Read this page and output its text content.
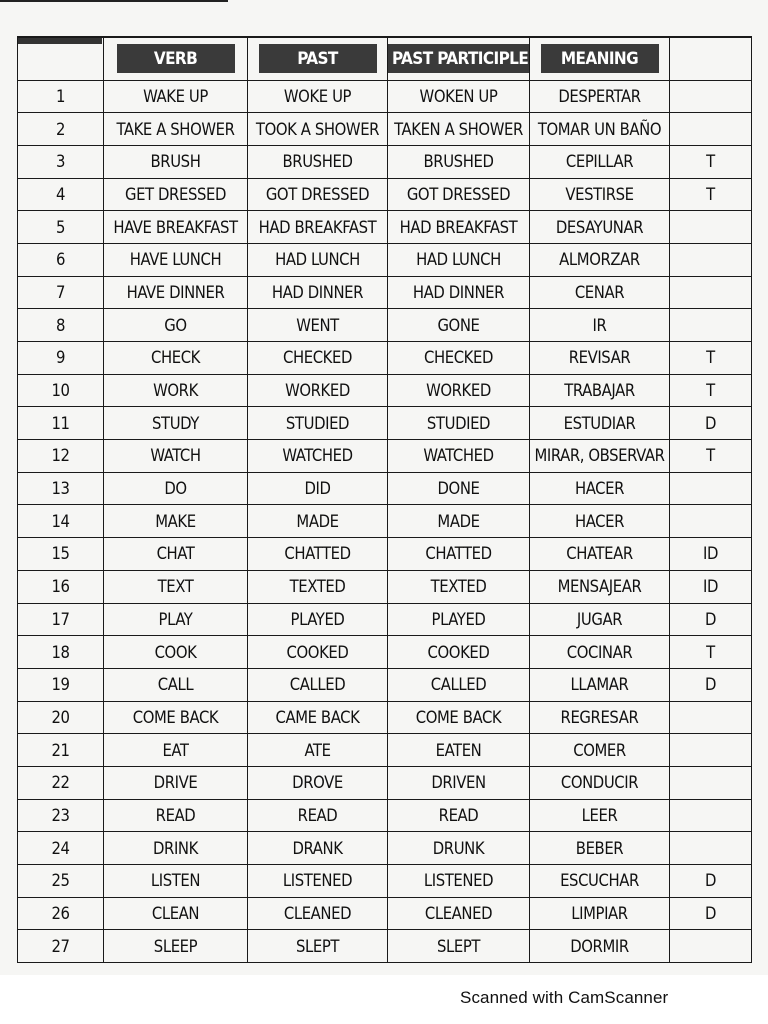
	VERB	PAST	PAST PARTICIPLE	MEANING	
1	WAKE UP	WOKE UP	WOKEN UP	DESPERTAR	
2	TAKE A SHOWER	TOOK A SHOWER	TAKEN A SHOWER	TOMAR UN BAÑO	
3	BRUSH	BRUSHED	BRUSHED	CEPILLAR	T
4	GET DRESSED	GOT DRESSED	GOT DRESSED	VESTIRSE	T
5	HAVE BREAKFAST	HAD BREAKFAST	HAD BREAKFAST	DESAYUNAR	
6	HAVE LUNCH	HAD LUNCH	HAD LUNCH	ALMORZAR	
7	HAVE DINNER	HAD DINNER	HAD DINNER	CENAR	
8	GO	WENT	GONE	IR	
9	CHECK	CHECKED	CHECKED	REVISAR	T
10	WORK	WORKED	WORKED	TRABAJAR	T
11	STUDY	STUDIED	STUDIED	ESTUDIAR	D
12	WATCH	WATCHED	WATCHED	MIRAR, OBSERVAR	T
13	DO	DID	DONE	HACER	
14	MAKE	MADE	MADE	HACER	
15	CHAT	CHATTED	CHATTED	CHATEAR	ID
16	TEXT	TEXTED	TEXTED	MENSAJEAR	ID
17	PLAY	PLAYED	PLAYED	JUGAR	D
18	COOK	COOKED	COOKED	COCINAR	T
19	CALL	CALLED	CALLED	LLAMAR	D
20	COME BACK	CAME BACK	COME BACK	REGRESAR	
21	EAT	ATE	EATEN	COMER	
22	DRIVE	DROVE	DRIVEN	CONDUCIR	
23	READ	READ	READ	LEER	
24	DRINK	DRANK	DRUNK	BEBER	
25	LISTEN	LISTENED	LISTENED	ESCUCHAR	D
26	CLEAN	CLEANED	CLEANED	LIMPIAR	D
27	SLEEP	SLEPT	SLEPT	DORMIR	
Scanned with CamScanner
